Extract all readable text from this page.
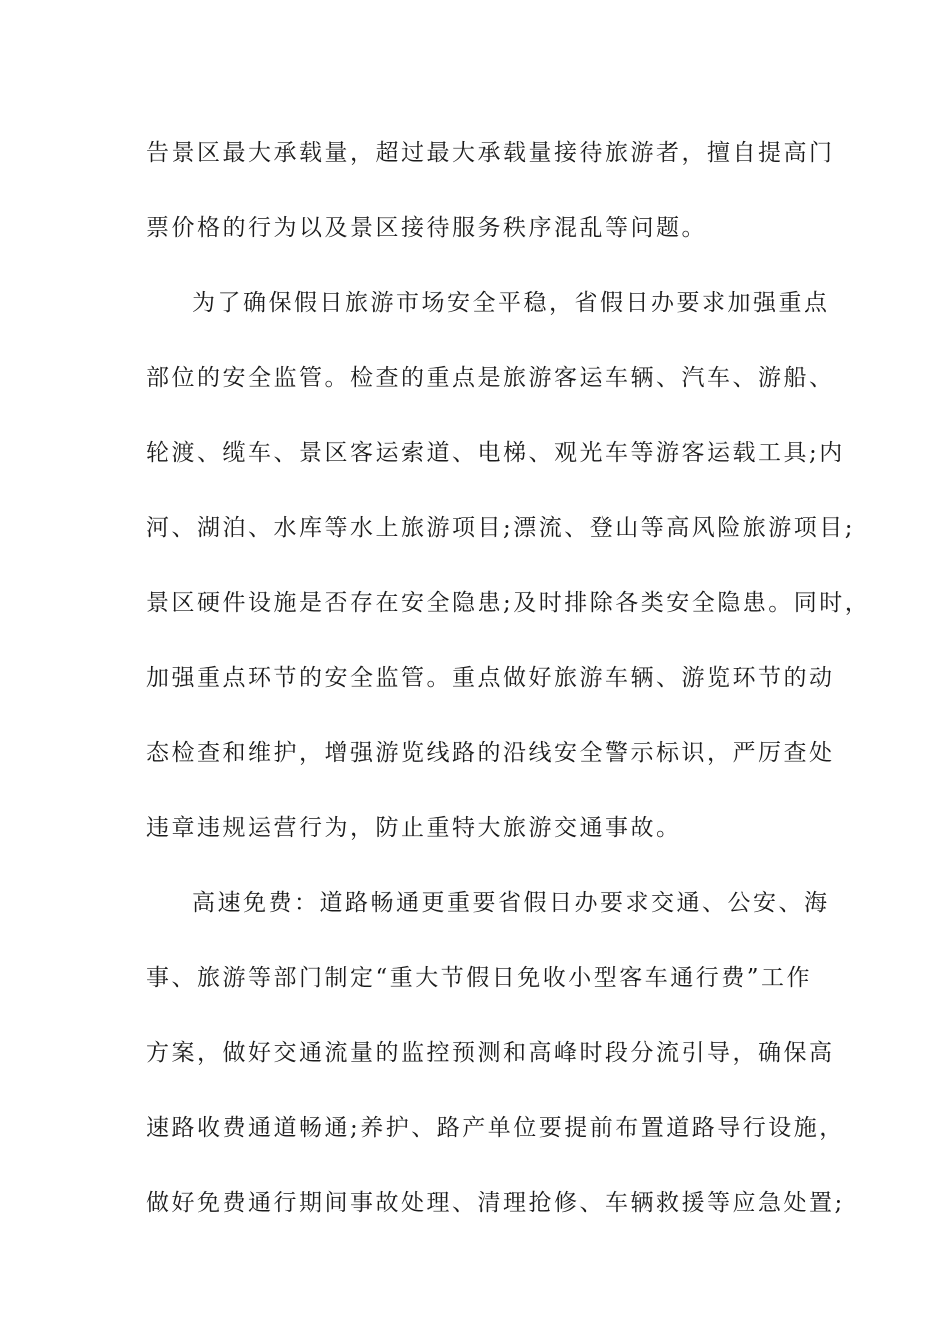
告景区最大承载量，超过最大承载量接待旅游者，擅自提高门
票价格的行为以及景区接待服务秩序混乱等问题。
为了确保假日旅游市场安全平稳，省假日办要求加强重点
部位的安全监管。检查的重点是旅游客运车辆、汽车、游船、
轮渡、缆车、景区客运索道、电梯、观光车等游客运载工具;内
河、湖泊、水库等水上旅游项目;漂流、登山等高风险旅游项目;
景区硬件设施是否存在安全隐患;及时排除各类安全隐患。同时，
加强重点环节的安全监管。重点做好旅游车辆、游览环节的动
态检查和维护，增强游览线路的沿线安全警示标识，严厉查处
违章违规运营行为，防止重特大旅游交通事故。
高速免费：道路畅通更重要省假日办要求交通、公安、海
事、旅游等部门制定“重大节假日免收小型客车通行费”工作
方案，做好交通流量的监控预测和高峰时段分流引导，确保高
速路收费通道畅通;养护、路产单位要提前布置道路导行设施，
做好免费通行期间事故处理、清理抢修、车辆救援等应急处置;
